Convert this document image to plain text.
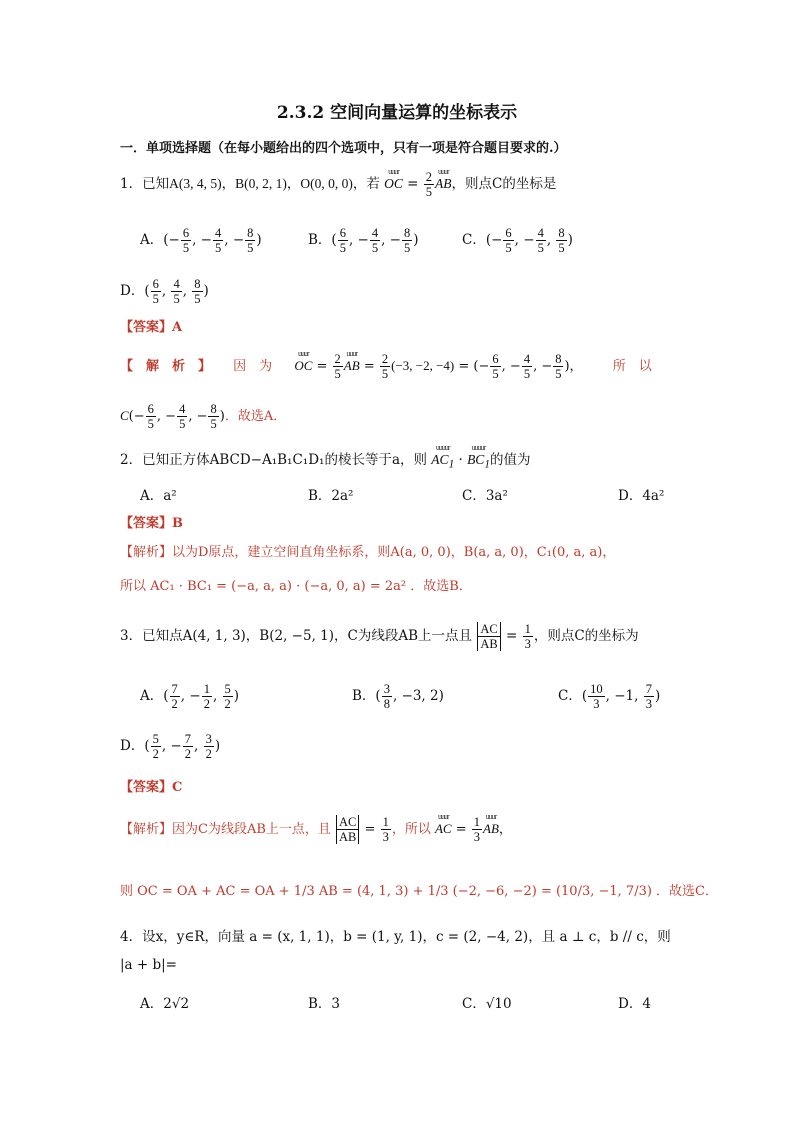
2.3.2 空间向量运算的坐标表示
一．单项选择题（在每小题给出的四个选项中，只有一项是符合题目要求的.）
1．已知A(3, 4, 5)，B(0, 2, 1)，O(0, 0, 0)，若 OC
uuur
= $\frac{2}{5}$ AB
uuur
，则点C的坐标是
A．(− $\frac{6}{5}$ , − $\frac{4}{5}$ , − $\frac{8}{5}$ )	B．( $\frac{6}{5}$ , − $\frac{4}{5}$ , − $\frac{8}{5}$ )	C．(− $\frac{6}{5}$ , − $\frac{4}{5}$ , $\frac{8}{5}$ )
D．( $\frac{6}{5}$ , $\frac{4}{5}$ , $\frac{8}{5}$ )
【答案】A
【　解　析　】 因　为 OC
uuur
= $\frac{2}{5}$ AB
uuur
= $\frac{2}{5} (-3$, −2, −4) = (− $\frac{6}{5}$ , − $\frac{4}{5}$ , − $\frac{8}{5}$ )， 所　以
$C(- \frac{6}{5}$ , − $\frac{4}{5}$ , − $\frac{8}{5}$ )．故选A．
2．已知正方体ABCD−A₁B₁C₁D₁的棱长等于a，则 $AC_1$
uuuur
· $BC_1$
uuuur
的值为
A．a²	B．2a²	C．3a²	D．4a²
【答案】B
【解析】以为D原点，建立空间直角坐标系，则A(a, 0, 0)，B(a, a, 0)，C₁(0, a, a)，
所以 AC₁ · BC₁ = (−a, a, a) · (−a, 0, a) = 2a² ．故选B．
3．已知点A(4, 1, 3)，B(2, −5, 1)，C为线段AB上一点且 $\frac{AC}{AB} = \frac{1}{3}$ ，则点C的坐标为
A．( $\frac{7}{2}$ , − $\frac{1}{2}$ , $\frac{5}{2}$ )	B．( $\frac{3}{8}$ , −3, 2)	C．( $\frac{10}{3}$ , −1, $\frac{7}{3}$ )
D．( $\frac{5}{2}$ , − $\frac{7}{2}$ , $\frac{3}{2}$ )
【答案】C
【解析】因为C为线段AB上一点，且 $\frac{AC}{AB} = \frac{1}{3}$ ，所以 AC
uuur
= $\frac{1}{3}$ AB
uuur
，
则 OC = OA + AC = OA + 1/3 AB = (4, 1, 3) + 1/3 (−2, −6, −2) = (10/3, −1, 7/3) ．故选C．
4．设x，y∈R，向量 a = (x, 1, 1)，b = (1, y, 1)，c = (2, −4, 2)，且 a ⊥ c，b // c，则
|a + b|=
A．2√2	B．3	C．√10	D．4
